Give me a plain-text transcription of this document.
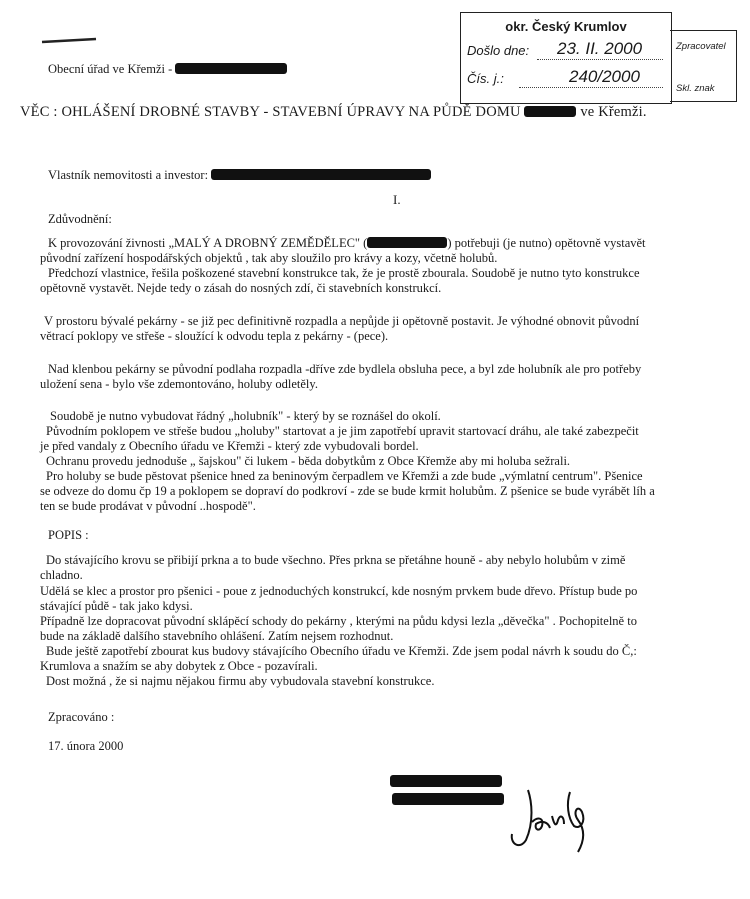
okr. Český Krumlov
Došlo dne: 23. II. 2000
Čís. j.:	240/2000
Zpracovatel
Skl. znak
Obecní úřad ve Křemži -
VĚC : OHLÁŠENÍ DROBNÉ STAVBY - STAVEBNÍ ÚPRAVY NA PŮDĚ DOMU	ve Křemži.
Vlastník nemovitosti a investor:
I.
Zdůvodnění:
K provozování živnosti „MALÝ A DROBNÝ ZEMĚDĚLEC" (	) potřebuji (je nutno) opětovně vystavět
původní zařízení hospodářských objektů , tak aby sloužilo pro krávy a kozy, včetně holubů.
Předchozí vlastnice, řešila poškozené stavební konstrukce tak, že je prostě zbourala. Soudobě je nutno tyto konstrukce
opětovně vystavět. Nejde tedy o zásah do nosných zdí, či stavebních konstrukcí.
V prostoru bývalé pekárny - se již pec definitivně rozpadla a nepůjde ji opětovně postavit. Je výhodné obnovit původní
větrací poklopy ve střeše - sloužící k odvodu tepla z pekárny - (pece).
Nad klenbou pekárny se původní podlaha rozpadla -dříve zde bydlela obsluha pece, a byl zde holubník ale pro potřeby
uložení sena - bylo vše zdemontováno, holuby odletěly.
Soudobě je nutno vybudovat řádný „holubník" - který by se roznášel do okolí.
Původním poklopem ve střeše budou „holuby" startovat a je jim zapotřebí upravit startovací dráhu, ale také zabezpečit
je před vandaly z Obecního úřadu ve Křemži - který zde vybudovali bordel.
Ochranu provedu jednoduše „ šajskou" či lukem - běda dobytkům z Obce Křemže aby mi holuba sežrali.
Pro holuby se bude pěstovat pšenice hned za beninovým čerpadlem ve Křemži a zde bude „výmlatní centrum". Pšenice
se odveze do domu čp 19 a poklopem se dopraví do podkroví - zde se bude krmit holubům. Z pšenice se bude vyrábět líh a
ten se bude prodávat v původní ..hospodě".
POPIS :
Do stávajícího krovu se přibijí prkna a to bude všechno. Přes prkna se přetáhne houně - aby nebylo holubům v zimě
chladno.
Udělá se klec a prostor pro pšenici - poue z jednoduchých konstrukcí, kde nosným prvkem bude dřevo. Přístup bude po
stávající půdě - tak jako kdysi.
Případně lze dopracovat původní sklápěcí schody do pekárny , kterými na půdu kdysi lezla „děvečka" . Pochopitelně to
bude na základě dalšího stavebního ohlášení. Zatím nejsem rozhodnut.
Bude ještě zapotřebí zbourat kus budovy stávajícího Obecního úřadu ve Křemži. Zde jsem podal návrh k soudu do Č,:
Krumlova a snažím se aby dobytek z Obce - pozavírali.
Dost možná , že si najmu nějakou firmu aby vybudovala stavební konstrukce.
Zpracováno :
17. února 2000
